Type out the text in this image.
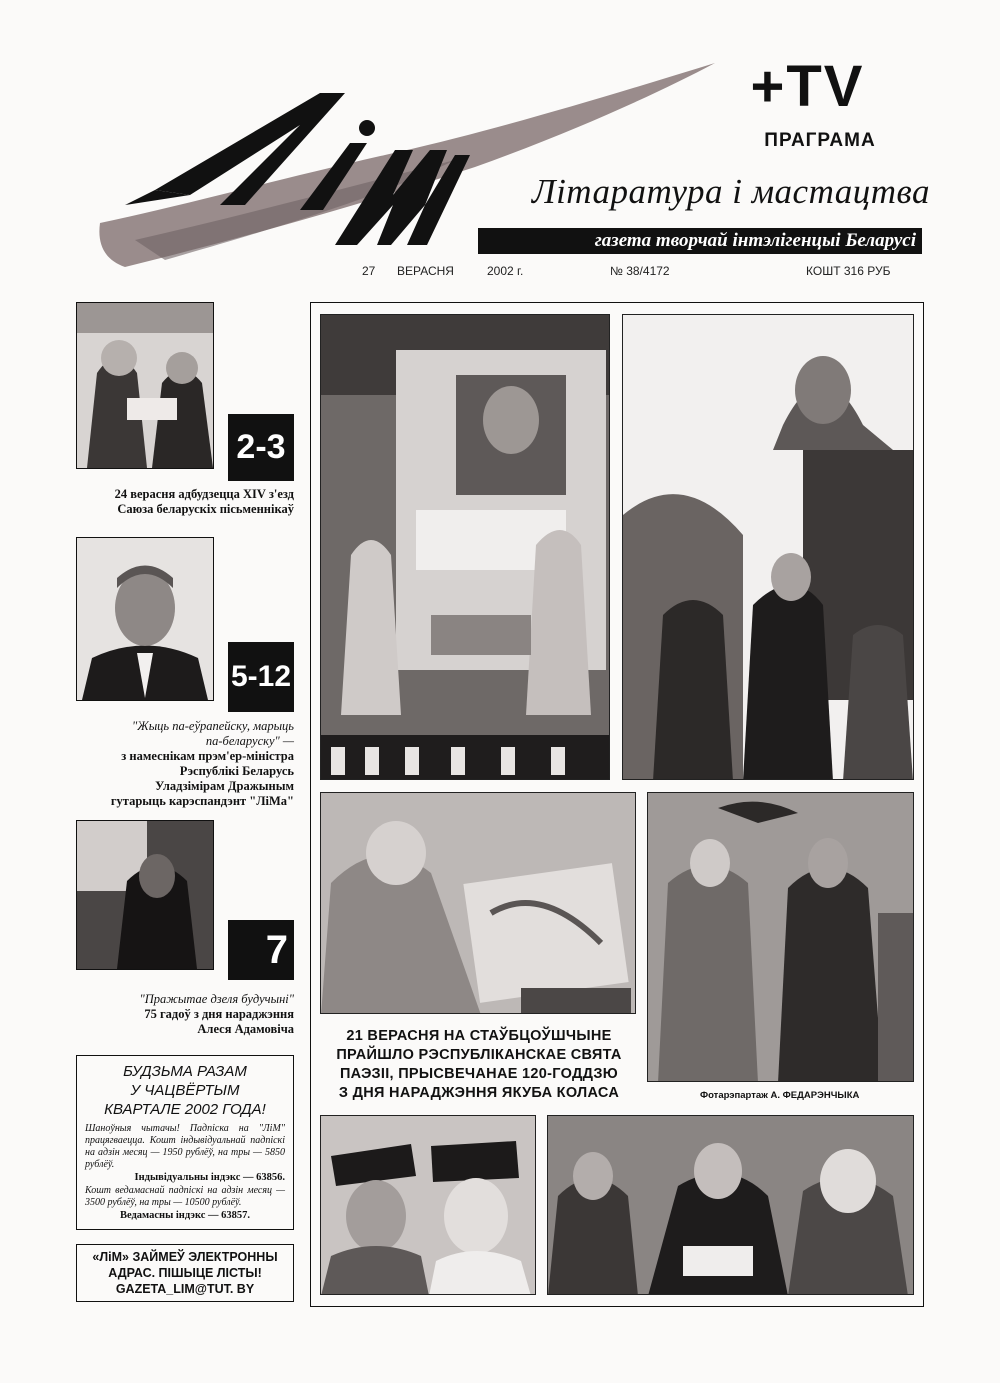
+TV
ПРАГРАМА
Літаратура і мастацтва
газета творчай інтэлігенцыі Беларусі
27 ВЕРАСНЯ	2002 г.	№ 38/4172	КОШТ 316 РУБ
2-3
24 верасня адбудзецца XIV з'езд
Саюза беларускіх пісьменнікаў
5-12
"Жыць па-еўрапейску, марыць
па-беларуску" —
з намеснікам прэм'ер-міністра
Рэспублікі Беларусь
Уладзімірам Дражыным
гутарыць карэспандэнт "ЛіМа"
7
"Пражытае дзеля будучыні"
75 гадоў з дня нараджэння
Алеся Адамовіча
БУДЗЬМА РАЗАМ
У ЧАЦВЁРТЫМ
КВАРТАЛЕ 2002 ГОДА!
Шаноўныя чытачы! Падпіска на "ЛіМ" працягваецца. Кошт індывідуальнай падпіскі на адзін месяц — 1950 рублёў, на тры — 5850 рублёў.
Індывідуальны індэкс — 63856.
Кошт ведамаснай падпіскі на адзін месяц — 3500 рублёў, на тры — 10500 рублёў.
Ведамасны індэкс — 63857.
«ЛіМ» ЗАЙМЕЎ ЭЛЕКТРОННЫ
АДРАС. ПІШЫЦЕ ЛІСТЫ!
GAZETA_LIM@TUT. BY
21 ВЕРАСНЯ НА СТАЎБЦОЎШЧЫНЕ
ПРАЙШЛО РЭСПУБЛІКАНСКАЕ СВЯТА
ПАЭЗІІ, ПРЫСВЕЧАНАЕ 120-ГОДДЗЮ
З ДНЯ НАРАДЖЭННЯ ЯКУБА КОЛАСА	Фотарэпартаж А. ФЕДАРЭНЧЫКА
